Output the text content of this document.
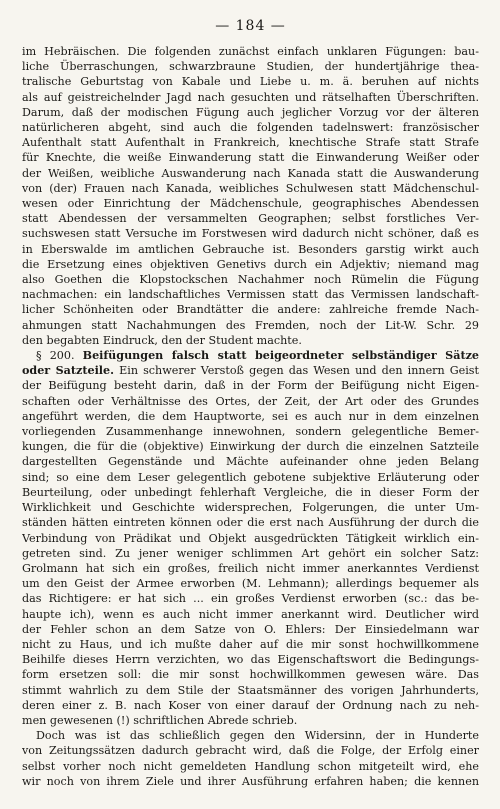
— 184 —
im Hebräischen. Die folgenden zunächst einfach unklaren Fügungen: bau-
liche Überraschungen, schwarzbraune Studien, der hundertjährige thea-
tralische Geburtstag von Kabale und Liebe u. m. ä. beruhen auf nichts
als auf geistreichelnder Jagd nach gesuchten und rätselhaften Überschriften.
Darum, daß der modischen Fügung auch jeglicher Vorzug vor der älteren
natürlicheren abgeht, sind auch die folgenden tadelnswert: französischer
Aufenthalt statt Aufenthalt in Frankreich, knechtische Strafe statt Strafe
für Knechte, die weiße Einwanderung statt die Einwanderung Weißer oder
der Weißen, weibliche Auswanderung nach Kanada statt die Auswanderung
von (der) Frauen nach Kanada, weibliches Schulwesen statt Mädchenschul-
wesen oder Einrichtung der Mädchenschule, geographisches Abendessen
statt Abendessen der versammelten Geographen; selbst forstliches Ver-
suchswesen statt Versuche im Forstwesen wird dadurch nicht schöner, daß es
in Eberswalde im amtlichen Gebrauche ist. Besonders garstig wirkt auch
die Ersetzung eines objektiven Genetivs durch ein Adjektiv; niemand mag
also Goethen die Klopstockschen Nachahmer noch Rümelin die Fügung
nachmachen: ein landschaftliches Vermissen statt das Vermissen landschaft-
licher Schönheiten oder Brandtätter die andere: zahlreiche fremde Nach-
ahmungen statt Nachahmungen des Fremden, noch der Lit-W. Schr. 29
den begabten Eindruck, den der Student machte.
§ 200. Beifügungen falsch statt beigeordneter selbständiger Sätze
oder Satzteile. Ein schwerer Verstoß gegen das Wesen und den innern Geist
der Beifügung besteht darin, daß in der Form der Beifügung nicht Eigen-
schaften oder Verhältnisse des Ortes, der Zeit, der Art oder des Grundes
angeführt werden, die dem Hauptworte, sei es auch nur in dem einzelnen
vorliegenden Zusammenhange innewohnen, sondern gelegentliche Bemer-
kungen, die für die (objektive) Einwirkung der durch die einzelnen Satzteile
dargestellten Gegenstände und Mächte aufeinander ohne jeden Belang
sind; so eine dem Leser gelegentlich gebotene subjektive Erläuterung oder
Beurteilung, oder unbedingt fehlerhaft Vergleiche, die in dieser Form der
Wirklichkeit und Geschichte widersprechen, Folgerungen, die unter Um-
ständen hätten eintreten können oder die erst nach Ausführung der durch die
Verbindung von Prädikat und Objekt ausgedrückten Tätigkeit wirklich ein-
getreten sind. Zu jener weniger schlimmen Art gehört ein solcher Satz:
Grolmann hat sich ein großes, freilich nicht immer anerkanntes Verdienst
um den Geist der Armee erworben (M. Lehmann); allerdings bequemer als
das Richtigere: er hat sich ... ein großes Verdienst erworben (sc.: das be-
haupte ich), wenn es auch nicht immer anerkannt wird. Deutlicher wird
der Fehler schon an dem Satze von O. Ehlers: Der Einsiedelmann war
nicht zu Haus, und ich mußte daher auf die mir sonst hochwillkommene
Beihilfe dieses Herrn verzichten, wo das Eigenschaftswort die Bedingungs-
form ersetzen soll: die mir sonst hochwillkommen gewesen wäre. Das
stimmt wahrlich zu dem Stile der Staatsmänner des vorigen Jahrhunderts,
deren einer z. B. nach Koser von einer darauf der Ordnung nach zu neh-
men gewesenen (!) schriftlichen Abrede schrieb.
Doch was ist das schließlich gegen den Widersinn, der in Hunderte
von Zeitungssätzen dadurch gebracht wird, daß die Folge, der Erfolg einer
selbst vorher noch nicht gemeldeten Handlung schon mitgeteilt wird, ehe
wir noch von ihrem Ziele und ihrer Ausführung erfahren haben; die kennen
